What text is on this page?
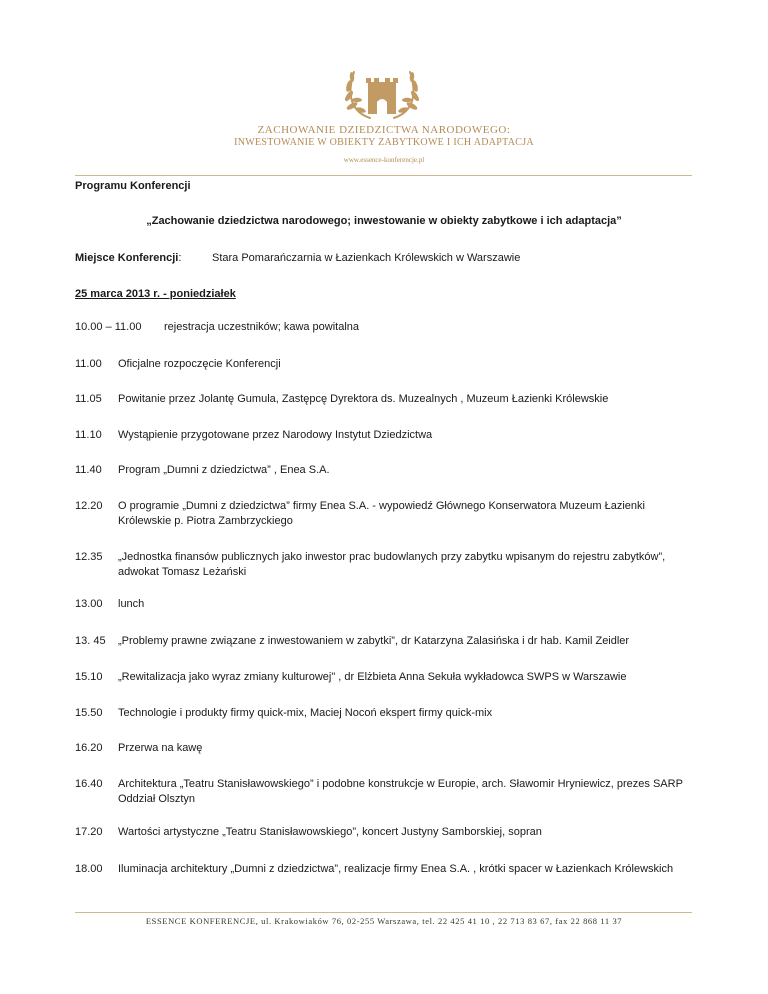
ZACHOWANIE DZIEDZICTWA NARODOWEGO:
INWESTOWANIE W OBIEKTY ZABYTKOWE I ICH ADAPTACJA
www.essence-konferencje.pl
Programu Konferencji
„Zachowanie dziedzictwa narodowego; inwestowanie w obiekty zabytkowe i ich adaptacja”
Miejsce Konferencji:	Stara Pomarańczarnia w Łazienkach Królewskich w Warszawie
25 marca 2013 r. - poniedziałek
10.00 – 11.00 rejestracja uczestników; kawa powitalna
11.00 Oficjalne rozpoczęcie Konferencji
11.05 Powitanie przez Jolantę Gumula, Zastępcę Dyrektora ds. Muzealnych , Muzeum Łazienki Królewskie
11.10 Wystąpienie przygotowane przez Narodowy Instytut Dziedzictwa
11.40 Program „Dumni z dziedzictwa” , Enea S.A.
12.20 O programie „Dumni z dziedzictwa” firmy Enea S.A. - wypowiedź Głównego Konserwatora Muzeum Łazienki Królewskie p. Piotra Zambrzyckiego
12.35 „Jednostka finansów publicznych jako inwestor prac budowlanych przy zabytku wpisanym do rejestru zabytków”, adwokat Tomasz Leżański
13.00 lunch
13. 45 „Problemy prawne związane z inwestowaniem w zabytki”, dr Katarzyna Zalasińska i dr hab. Kamil Zeidler
15.10 „Rewitalizacja jako wyraz zmiany kulturowej" , dr Elżbieta Anna Sekuła wykładowca SWPS w Warszawie
15.50 Technologie i produkty firmy quick-mix, Maciej Nocoń ekspert firmy quick-mix
16.20 Przerwa na kawę
16.40 Architektura „Teatru Stanisławowskiego” i podobne konstrukcje w Europie, arch. Sławomir Hryniewicz, prezes SARP Oddział Olsztyn
17.20 Wartości artystyczne „Teatru Stanisławowskiego”, koncert Justyny Samborskiej, sopran
18.00 Iluminacja architektury „Dumni z dziedzictwa”, realizacje firmy Enea S.A. , krótki spacer w Łazienkach Królewskich
ESSENCE KONFERENCJE, ul. Krakowiaków 76, 02-255 Warszawa, tel. 22 425 41 10 , 22 713 83 67, fax 22 868 11 37
